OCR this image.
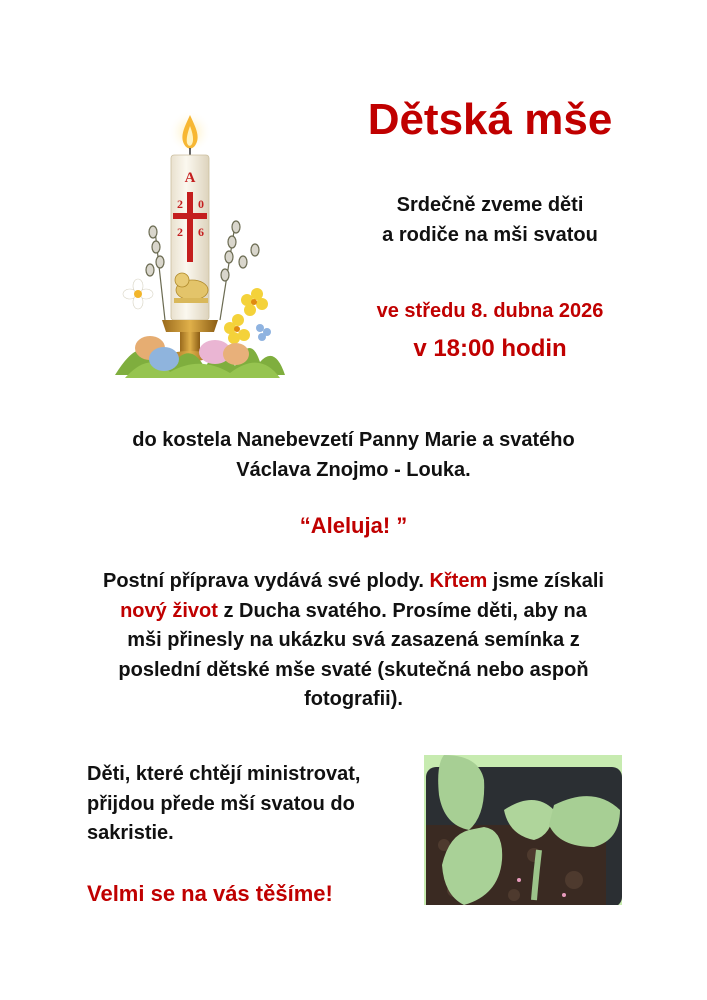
A
2 0
2 6
Dětská mše
Srdečně zveme děti
a rodiče na mši svatou
ve středu 8. dubna 2026
v 18:00 hodin
do kostela Nanebevzetí Panny Marie a svatého
Václava Znojmo - Louka.
“Aleluja! ”
Postní příprava vydává své plody. Křtem jsme získali
nový život z Ducha svatého. Prosíme děti, aby na
mši přinesly na ukázku svá zasazená semínka z
poslední dětské mše svaté (skutečná nebo aspoň
fotografii).
Děti, které chtějí ministrovat,
přijdou přede mší svatou do
sakristie.
Velmi se na vás těšíme!
